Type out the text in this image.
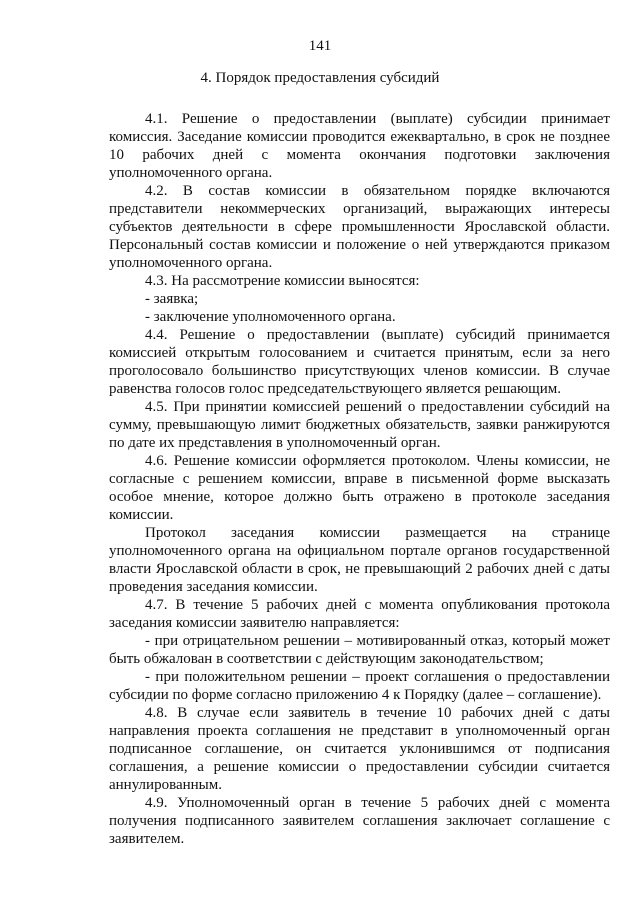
141
4. Порядок предоставления субсидий

4.1. Решение о предоставлении (выплате) субсидии принимает комиссия. Заседание комиссии проводится ежеквартально, в срок не позднее 10 рабочих дней с момента окончания подготовки заключения уполномоченного органа.

4.2. В состав комиссии в обязательном порядке включаются представители некоммерческих организаций, выражающих интересы субъектов деятельности в сфере промышленности Ярославской области. Персональный состав комиссии и положение о ней утверждаются приказом уполномоченного органа.

4.3. На рассмотрение комиссии выносятся:

- заявка;

- заключение уполномоченного органа.

4.4. Решение о предоставлении (выплате) субсидий принимается комиссией открытым голосованием и считается принятым, если за него проголосовало большинство присутствующих членов комиссии. В случае равенства голосов голос председательствующего является решающим.

4.5. При принятии комиссией решений о предоставлении субсидий на сумму, превышающую лимит бюджетных обязательств, заявки ранжируются по дате их представления в уполномоченный орган.

4.6. Решение комиссии оформляется протоколом. Члены комиссии, не согласные с решением комиссии, вправе в письменной форме высказать особое мнение, которое должно быть отражено в протоколе заседания комиссии.

Протокол заседания комиссии размещается на странице уполномоченного органа на официальном портале органов государственной власти Ярославской области в срок, не превышающий 2 рабочих дней с даты проведения заседания комиссии.

4.7. В течение 5 рабочих дней с момента опубликования протокола заседания комиссии заявителю направляется:

- при отрицательном решении – мотивированный отказ, который может быть обжалован в соответствии с действующим законодательством;

- при положительном решении – проект соглашения о предоставлении субсидии по форме согласно приложению 4 к Порядку (далее – соглашение).

4.8. В случае если заявитель в течение 10 рабочих дней с даты направления проекта соглашения не представит в уполномоченный орган подписанное соглашение, он считается уклонившимся от подписания соглашения, а решение комиссии о предоставлении субсидии считается аннулированным.

4.9. Уполномоченный орган в течение 5 рабочих дней с момента получения подписанного заявителем соглашения заключает соглашение с заявителем.
